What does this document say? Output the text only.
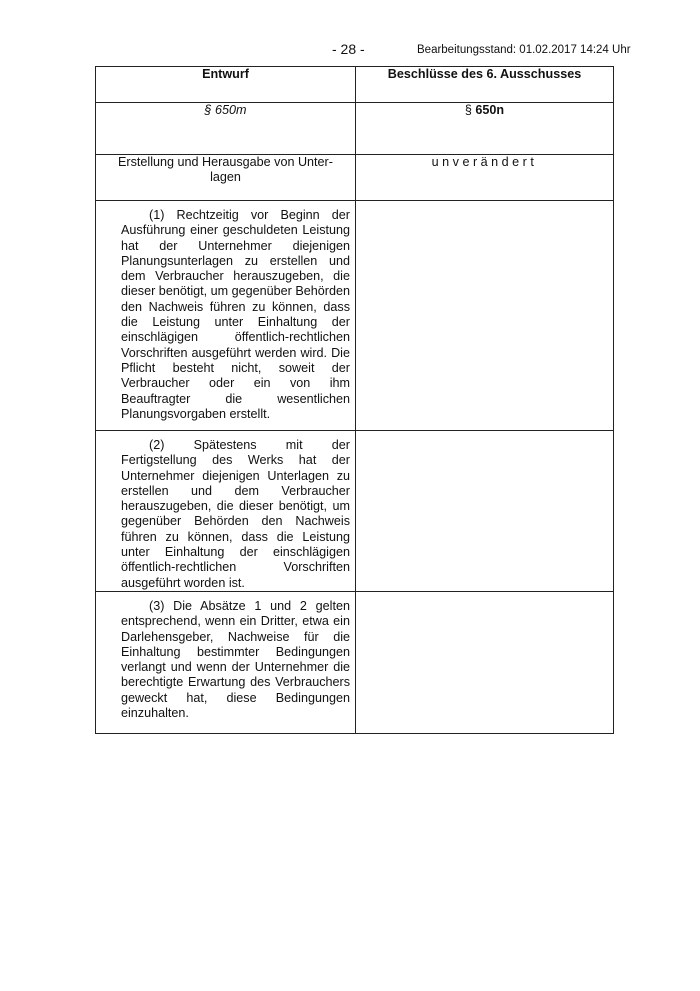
- 28 -	Bearbeitungsstand: 01.02.2017 14:24 Uhr
Entwurf	Beschlüsse des 6. Ausschusses
§ 650m	§ 650n
Erstellung und Herausgabe von Unter-lagen	unverändert

(1) Rechtzeitig vor Beginn der Ausführung einer geschuldeten Leistung hat der Unternehmer diejenigen Planungsunterlagen zu erstellen und dem Verbraucher herauszugeben, die dieser benötigt, um gegenüber Behörden den Nachweis führen zu können, dass die Leistung unter Einhaltung der einschlägigen öffentlich-rechtlichen Vorschriften ausgeführt werden wird. Die Pflicht besteht nicht, soweit der Verbraucher oder ein von ihm Beauftragter die wesentlichen Planungsvorgaben erstellt.	

(2) Spätestens mit der Fertigstellung des Werks hat der Unternehmer diejenigen Unterlagen zu erstellen und dem Verbraucher herauszugeben, die dieser benötigt, um gegenüber Behörden den Nachweis führen zu können, dass die Leistung unter Einhaltung der einschlägigen öffentlich-rechtlichen Vorschriften ausgeführt worden ist.	

(3) Die Absätze 1 und 2 gelten entsprechend, wenn ein Dritter, etwa ein Darlehensgeber, Nachweise für die Einhaltung bestimmter Bedingungen verlangt und wenn der Unternehmer die berechtigte Erwartung des Verbrauchers geweckt hat, diese Bedingungen einzuhalten.	
